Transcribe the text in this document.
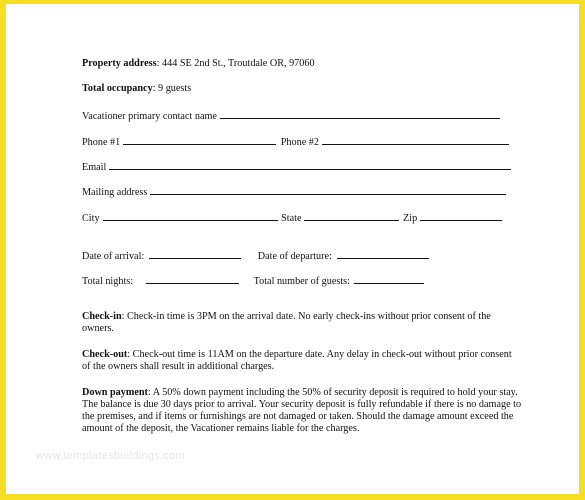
Property address: 444 SE 2nd St., Troutdale OR, 97060
Total occupancy: 9 guests
Vacationer primary contact name
Phone #1	Phone #2
Email
Mailing address
City	State	Zip
Date of arrival:	Date of departure:
Total nights:	Total number of guests:
Check-in: Check-in time is 3PM on the arrival date. No early check-ins without prior consent of the owners.
Check-out: Check-out time is 11AM on the departure date. Any delay in check-out without prior consent of the owners shall result in additional charges.
Down payment: A 50% down payment including the 50% of security deposit is required to hold your stay. The balance is due 30 days prior to arrival. Your security deposit is fully refundable if there is no damage to the premises, and if items or furnishings are not damaged or taken. Should the damage amount exceed the amount of the deposit, the Vacationer remains liable for the charges.
www.templatesbuildings.com
